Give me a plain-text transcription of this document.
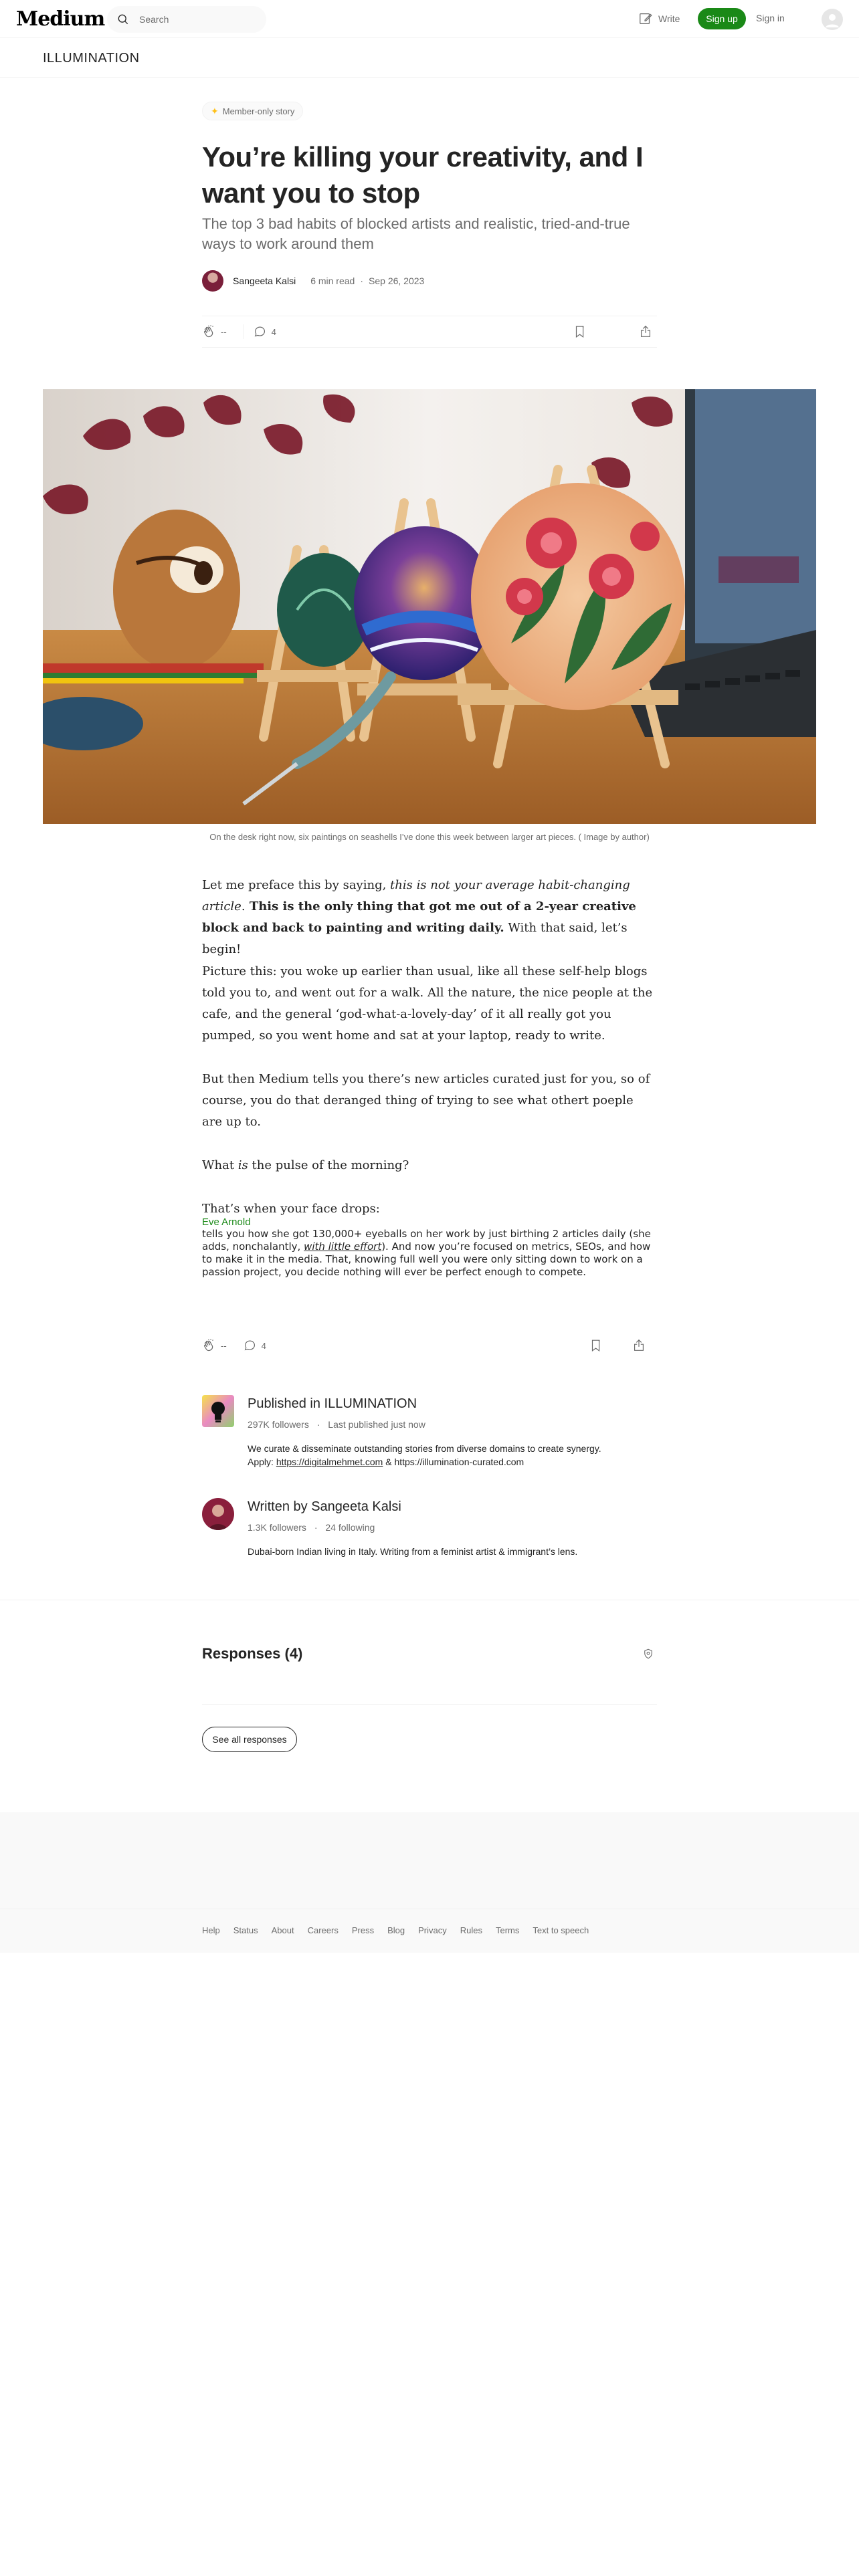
Medium	Search	Write	Sign up	Sign in
ILLUMINATION
✦ Member-only story
You’re killing your creativity, and I want you to stop
The top 3 bad habits of blocked artists and realistic, tried-and-true ways to work around them
Sangeeta Kalsi 6 min read · Sep 26, 2023
--	4
On the desk right now, six paintings on seashells I’ve done this week between larger art pieces. ( Image by author)

Let me preface this by saying, this is not your average habit-changing article. This is the only thing that got me out of a 2-year creative block and back to painting and writing daily. With that said, let’s begin!

Picture this: you woke up earlier than usual, like all these self-help blogs told you to, and went out for a walk. All the nature, the nice people at the cafe, and the general ‘god-what-a-lovely-day’ of it all really got you pumped, so you went home and sat at your laptop, ready to write.

But then Medium tells you there’s new articles curated just for you, so of course, you do that deranged thing of trying to see what othert poeple are up to.

What is the pulse of the morning?

That’s when your face drops:

Eve Arnold

tells you how she got 130,000+ eyeballs on her work by just birthing 2 articles daily (she adds, nonchalantly, with little effort). And now you’re focused on metrics, SEOs, and how to make it in the media. That, knowing full well you were only sitting down to work on a passion project, you decide nothing will ever be perfect enough to compete.

--	4
Published in ILLUMINATION
297K followers · Last published just now
We curate & disseminate outstanding stories from diverse domains to create synergy. Apply: https://digitalmehmet.com & https://illumination-curated.com
Written by Sangeeta Kalsi
1.3K followers · 24 following
Dubai-born Indian living in Italy. Writing from a feminist artist & immigrant’s lens.
Responses (4)
See all responses
Help Status About Careers Press Blog Privacy Rules Terms Text to speech
